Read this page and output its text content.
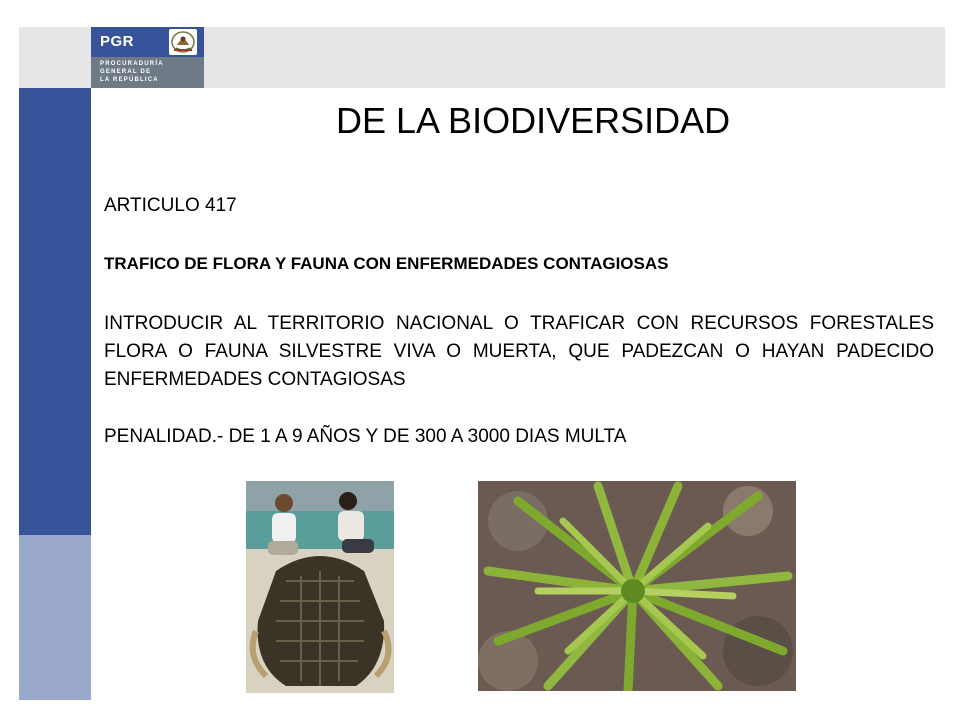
PGR
PROCURADURÍA
GENERAL DE
LA REPÚBLICA
DE LA BIODIVERSIDAD
ARTICULO 417
TRAFICO DE FLORA Y FAUNA CON ENFERMEDADES CONTAGIOSAS
INTRODUCIR AL TERRITORIO NACIONAL O TRAFICAR CON RECURSOS FORESTALES FLORA O FAUNA SILVESTRE VIVA O MUERTA, QUE PADEZCAN O HAYAN PADECIDO ENFERMEDADES CONTAGIOSAS
PENALIDAD.- DE 1 A 9 AÑOS Y DE 300 A 3000 DIAS MULTA
